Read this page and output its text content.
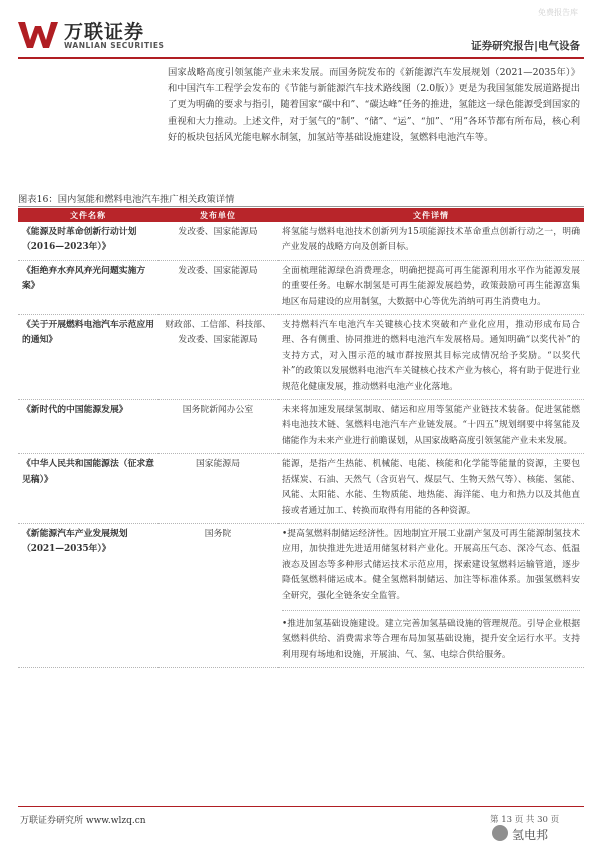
万联证券
WANLIAN SECURITIES
免费报告库
证券研究报告|电气设备
国家战略高度引领氢能产业未来发展。而国务院发布的《新能源汽车发展规划（2021—2035年）》和中国汽车工程学会发布的《节能与新能源汽车技术路线图（2.0版）》更是为我国氢能发展道路提出了更为明确的要求与指引，随着国家“碳中和”、“碳达峰”任务的推进，氢能这一绿色能源受到国家的重视和大力推动。上述文件，对于氢气的“制”、“储”、“运”、“加”、“用”各环节都有所布局，核心利好的板块包括风光能电解水制氢，加氢站等基础设施建设，氢燃料电池汽车等。
图表16：国内氢能和燃料电池汽车推广相关政策详情
文件名称	发布单位	文件详情
《能源及时革命创新行动计划（2016—2023年）》	发改委、国家能源局	将氢能与燃料电池技术创新列为15项能源技术革命重点创新行动之一，明确产业发展的战略方向及创新目标。
《拒绝弃水弃风弃光问题实施方案》	发改委、国家能源局	全面梳理能源绿色消费理念，明确把提高可再生能源利用水平作为能源发展的重要任务。电解水制氢是可再生能源发展趋势，政策鼓励可再生能源富集地区布局建设的应用制氢，大数据中心等优先消纳可再生消费电力。
《关于开展燃料电池汽车示范应用的通知》	财政部、工信部、科技部、发改委、国家能源局	支持燃料汽车电池汽车关键核心技术突破和产业化应用，推动形成布局合理、各有侧重、协同推进的燃料电池汽车发展格局。通知明确“以奖代补”的支持方式，对入围示范的城市群按照其目标完成情况给予奖励。“以奖代补”的政策以发展燃料电池汽车关键核心技术产业为核心，将有助于促进行业规范化健康发展，推动燃料电池产业化落地。
《新时代的中国能源发展》	国务院新闻办公室	未来将加速发展绿氢制取、储运和应用等氢能产业链技术装备。促进氢能燃料电池技术链、氢燃料电池汽车产业链发展。“十四五”规划纲要中将氢能及储能作为未来产业进行前瞻谋划，从国家战略高度引领氢能产业未来发展。
《中华人民共和国能源法（征求意见稿）》	国家能源局	能源，是指产生热能、机械能、电能、核能和化学能等能量的资源，主要包括煤炭、石油、天然气（含页岩气、煤层气、生物天然气等）、核能、氢能、风能、太阳能、水能、生物质能、地热能、海洋能、电力和热力以及其他直接或者通过加工、转换而取得有用能的各种资源。
《新能源汽车产业发展规划（2021—2035年）》	国务院	•提高氢燃料制储运经济性。因地制宜开展工业副产氢及可再生能源制氢技术应用，加快推进先进适用储氢材料产业化。开展高压气态、深冷气态、低温液态及固态等多种形式储运技术示范应用，探索建设氢燃料运输管道，逐步降低氢燃料储运成本。健全氢燃料制储运、加注等标准体系。加强氢燃料安全研究，强化全链条安全监管。

•推进加氢基础设施建设。建立完善加氢基础设施的管理规范。引导企业根据氢燃料供给、消费需求等合理布局加氢基础设施，提升安全运行水平。支持利用现有场地和设施，开展油、气、氢、电综合供给服务。

万联证券研究所 www.wlzq.cn	第 13 页 共 30 页
氢电邦
